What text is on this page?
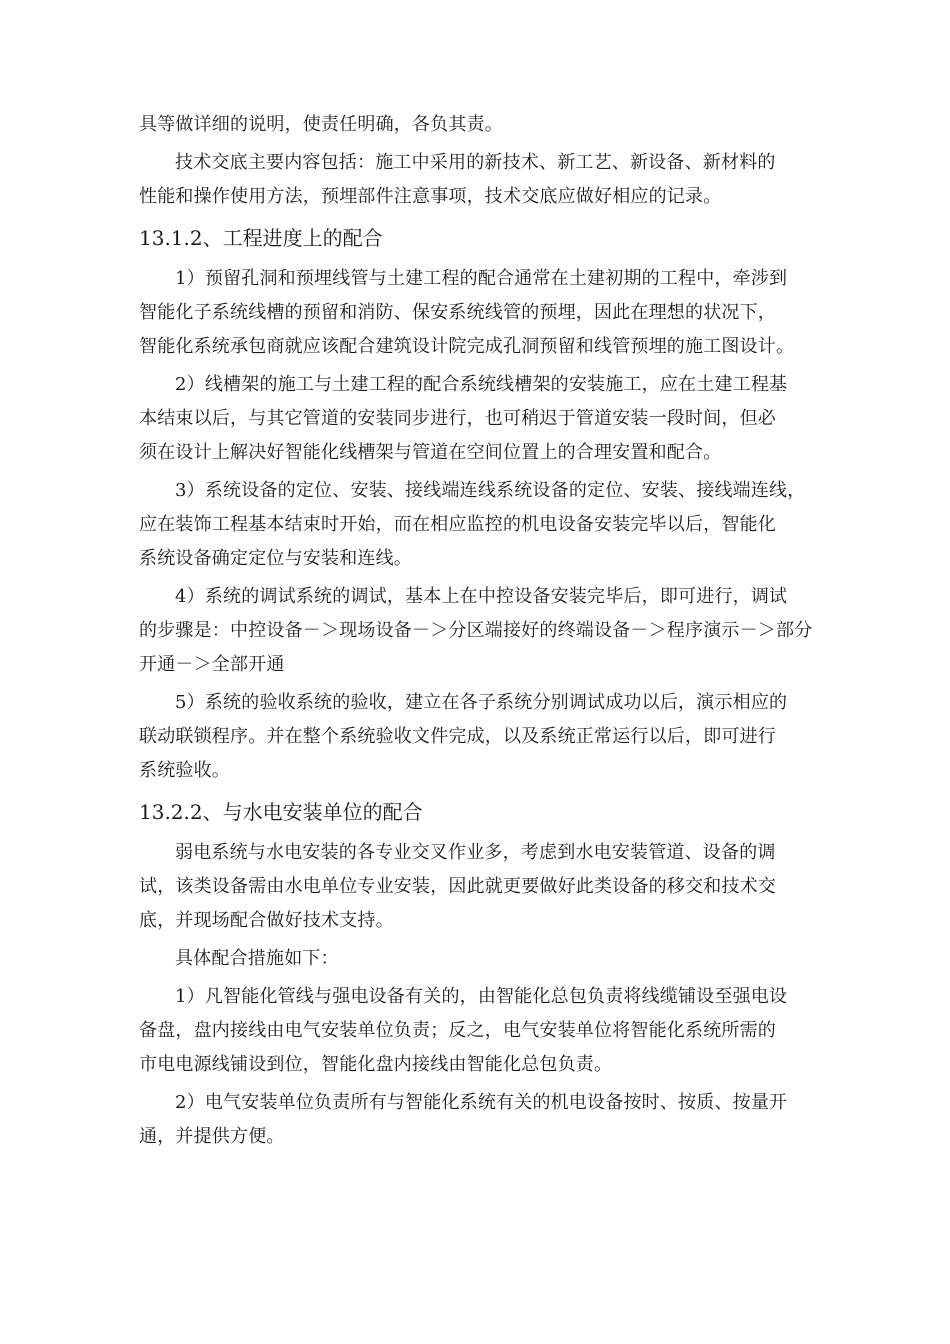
具等做详细的说明，使责任明确，各负其责。
技术交底主要内容包括：施工中采用的新技术、新工艺、新设备、新材料的
性能和操作使用方法，预埋部件注意事项，技术交底应做好相应的记录。
13.1.2、工程进度上的配合
1）预留孔洞和预埋线管与土建工程的配合通常在土建初期的工程中，牵涉到
智能化子系统线槽的预留和消防、保安系统线管的预埋，因此在理想的状况下，
智能化系统承包商就应该配合建筑设计院完成孔洞预留和线管预埋的施工图设计。
2）线槽架的施工与土建工程的配合系统线槽架的安装施工，应在土建工程基
本结束以后，与其它管道的安装同步进行，也可稍迟于管道安装一段时间，但必
须在设计上解决好智能化线槽架与管道在空间位置上的合理安置和配合。
3）系统设备的定位、安装、接线端连线系统设备的定位、安装、接线端连线，
应在装饰工程基本结束时开始，而在相应监控的机电设备安装完毕以后，智能化
系统设备确定定位与安装和连线。
4）系统的调试系统的调试，基本上在中控设备安装完毕后，即可进行，调试
的步骤是：中控设备－＞现场设备－＞分区端接好的终端设备－＞程序演示－＞部分
开通－＞全部开通
5）系统的验收系统的验收，建立在各子系统分别调试成功以后，演示相应的
联动联锁程序。并在整个系统验收文件完成，以及系统正常运行以后，即可进行
系统验收。
13.2.2、与水电安装单位的配合
弱电系统与水电安装的各专业交叉作业多，考虑到水电安装管道、设备的调
试，该类设备需由水电单位专业安装，因此就更要做好此类设备的移交和技术交
底，并现场配合做好技术支持。
具体配合措施如下：
1）凡智能化管线与强电设备有关的，由智能化总包负责将线缆铺设至强电设
备盘，盘内接线由电气安装单位负责；反之，电气安装单位将智能化系统所需的
市电电源线铺设到位，智能化盘内接线由智能化总包负责。
2）电气安装单位负责所有与智能化系统有关的机电设备按时、按质、按量开
通，并提供方便。
